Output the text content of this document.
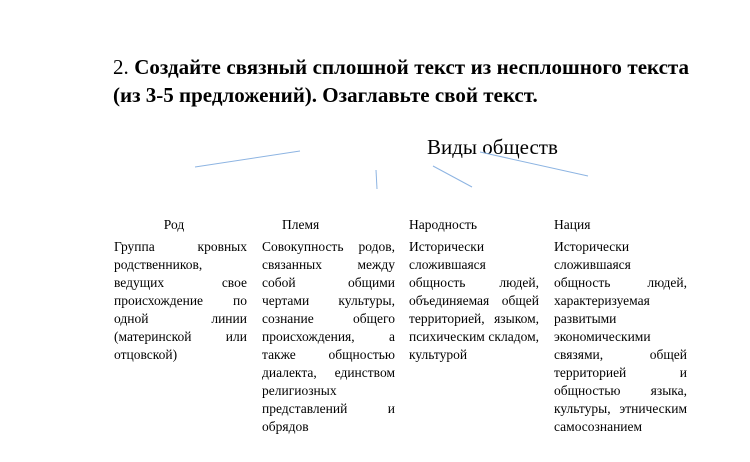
2. Создайте связный сплошной текст из несплошного текста (из 3-5 предложений). Озаглавьте свой текст.
Виды обществ
Род
Группа кровных родственников, ведущих свое происхождение по одной линии (материнской или отцовской)
Племя
Совокупность родов, связанных между собой общими чертами культуры, сознание общего происхождения, а также общностью диалекта, единством религиозных представлений и обрядов
Народность
Исторически сложившаяся общность людей, объединяемая общей территорией, языком, психическим складом, культурой
Нация
Исторически сложившаяся общность людей, характеризуемая развитыми экономическими связями, общей территорией и общностью языка, культуры, этническим самосознанием
